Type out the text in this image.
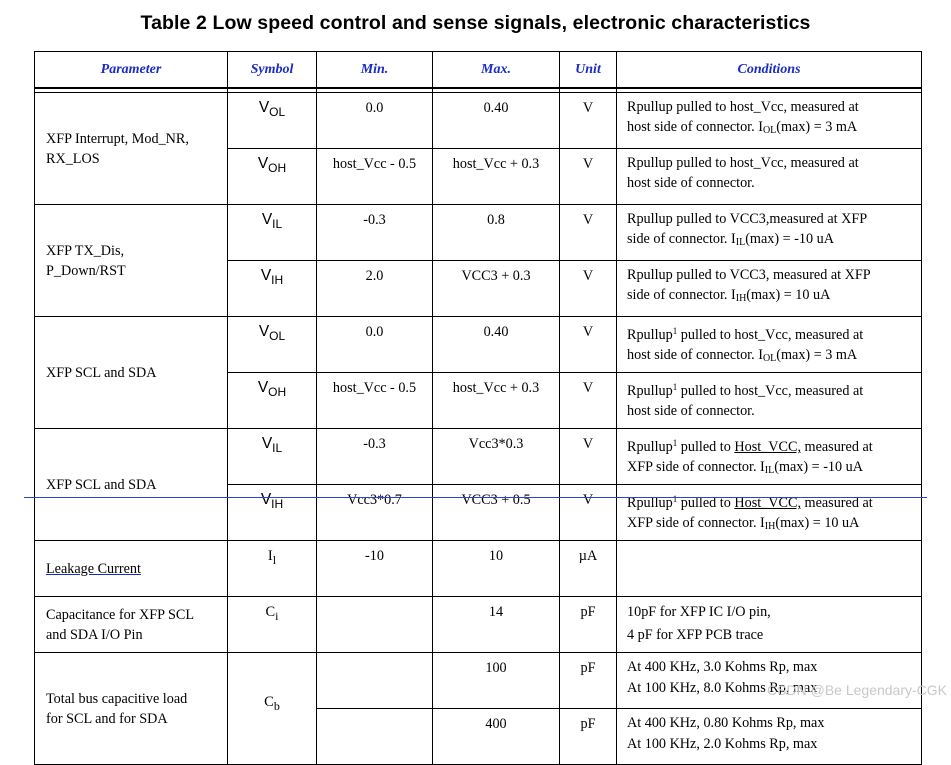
Table 2 Low speed control and sense signals, electronic characteristics
Parameter	Symbol	Min.	Max.	Unit	Conditions

XFP Interrupt, Mod_NR,
RX_LOS	$V_{OL}$	0.0	0.40	V	Rpullup pulled to host_Vcc, measured at
host side of connector. $I_{OL}(\max) = 3$ mA
	$V_{OH}$	host_Vcc - 0.5	host_Vcc + 0.3	V	Rpullup pulled to host_Vcc, measured at
host side of connector.
XFP TX_Dis,
P_Down/RST	$V_{IL}$	-0.3	0.8	V	Rpullup pulled to VCC3,measured at XFP
side of connector. $I_{IL}(\max) = -10$ uA
	$V_{IH}$	2.0	VCC3 + 0.3	V	Rpullup pulled to VCC3, measured at XFP
side of connector. $I_{IH}(\max) = 10$ uA
XFP SCL and SDA	$V_{OL}$	0.0	0.40	V	Rpullup$^1$ pulled to host_Vcc, measured at
host side of connector. $I_{OL}(\max) = 3$ mA
	$V_{OH}$	host_Vcc - 0.5	host_Vcc + 0.3	V	Rpullup$^1$ pulled to host_Vcc, measured at
host side of connector.
XFP SCL and SDA	$V_{IL}$	-0.3	Vcc3*0.3	V	Rpullup$^1$ pulled to Host_VCC, measured at
XFP side of connector. $I_{IL}(\max) = -10$ uA
	$V_{IH}$	Vcc3*0.7	VCC3 + 0.5	V	Rpullup$^1$ pulled to Host_VCC, measured at
XFP side of connector. $I_{IH}(\max) = 10$ uA
Leakage Current	$I_l$	-10	10	µA	
Capacitance for XFP SCL
and SDA I/O Pin	$C_i$		14	pF	10pF for XFP IC I/O pin,
4 pF for XFP PCB trace
Total bus capacitive load
for SCL and for SDA	$C_b$		100	pF	At 400 KHz, 3.0 Kohms Rp, max
At 100 KHz, 8.0 Kohms Rp, max
			400	pF	At 400 KHz, 0.80 Kohms Rp, max
At 100 KHz, 2.0 Kohms Rp, max
CSDN @Be Legendary-CGK
